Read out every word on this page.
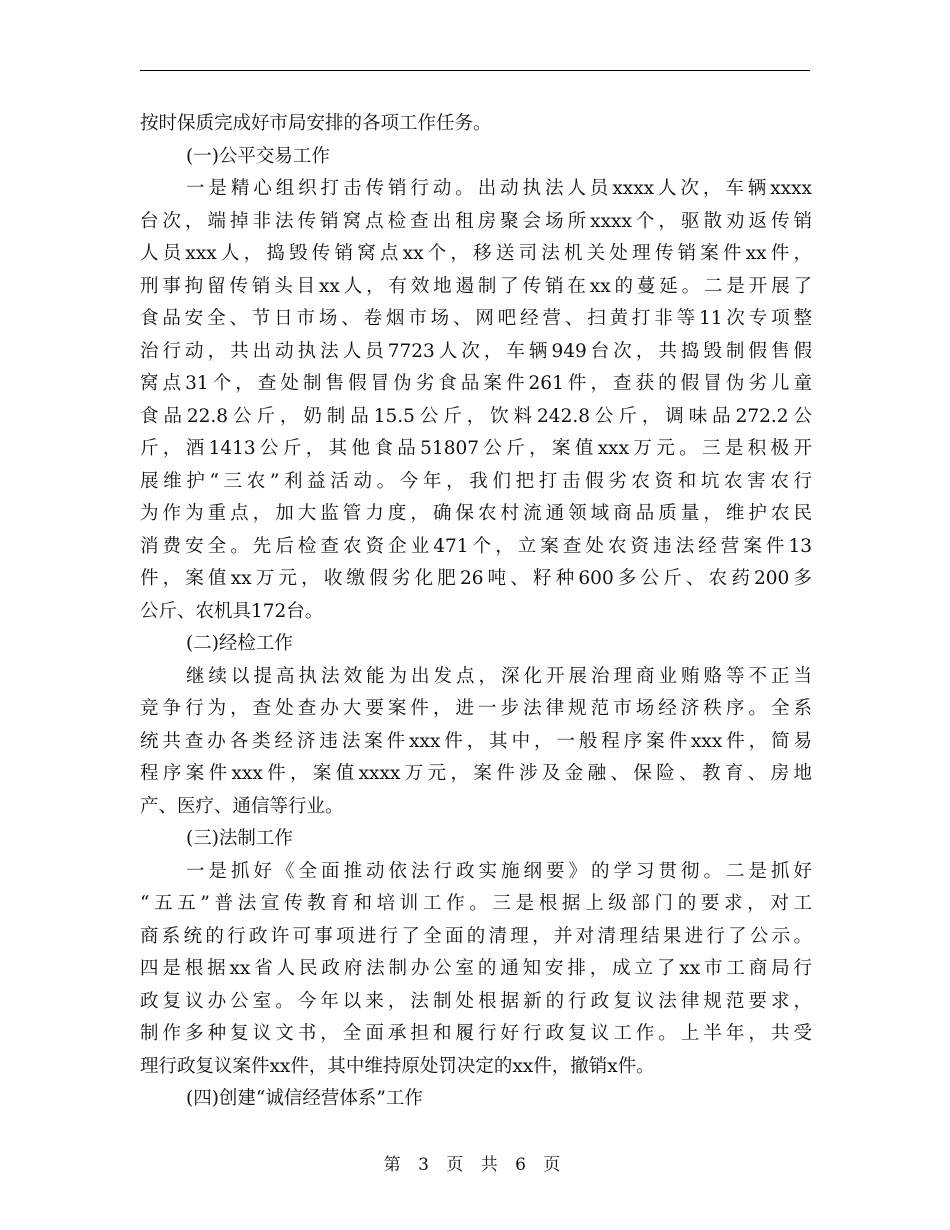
按时保质完成好市局安排的各项工作任务。
(一)公平交易工作
一是精心组织打击传销行动。出动执法人员xxxx人次，车辆xxxx
台次，端掉非法传销窝点检查出租房聚会场所xxxx个，驱散劝返传销
人员xxx人，捣毁传销窝点xx个，移送司法机关处理传销案件xx件，
刑事拘留传销头目xx人，有效地遏制了传销在xx的蔓延。二是开展了
食品安全、节日市场、卷烟市场、网吧经营、扫黄打非等11次专项整
治行动，共出动执法人员7723人次，车辆949台次，共捣毁制假售假
窝点31个，查处制售假冒伪劣食品案件261件，查获的假冒伪劣儿童
食品22.8公斤，奶制品15.5公斤，饮料242.8公斤，调味品272.2公
斤，酒1413公斤，其他食品51807公斤，案值xxx万元。三是积极开
展维护“三农”利益活动。今年，我们把打击假劣农资和坑农害农行
为作为重点，加大监管力度，确保农村流通领域商品质量，维护农民
消费安全。先后检查农资企业471个，立案查处农资违法经营案件13
件，案值xx万元，收缴假劣化肥26吨、籽种600多公斤、农药200多
公斤、农机具172台。
(二)经检工作
继续以提高执法效能为出发点，深化开展治理商业贿赂等不正当
竞争行为，查处查办大要案件，进一步法律规范市场经济秩序。全系
统共查办各类经济违法案件xxx件，其中，一般程序案件xxx件，简易
程序案件xxx件，案值xxxx万元，案件涉及金融、保险、教育、房地
产、医疗、通信等行业。
(三)法制工作
一是抓好《全面推动依法行政实施纲要》的学习贯彻。二是抓好
“五五”普法宣传教育和培训工作。三是根据上级部门的要求，对工
商系统的行政许可事项进行了全面的清理，并对清理结果进行了公示。
四是根据xx省人民政府法制办公室的通知安排，成立了xx市工商局行
政复议办公室。今年以来，法制处根据新的行政复议法律规范要求，
制作多种复议文书，全面承担和履行好行政复议工作。上半年，共受
理行政复议案件xx件，其中维持原处罚决定的xx件，撤销x件。
(四)创建“诚信经营体系”工作
第 3 页 共 6 页
